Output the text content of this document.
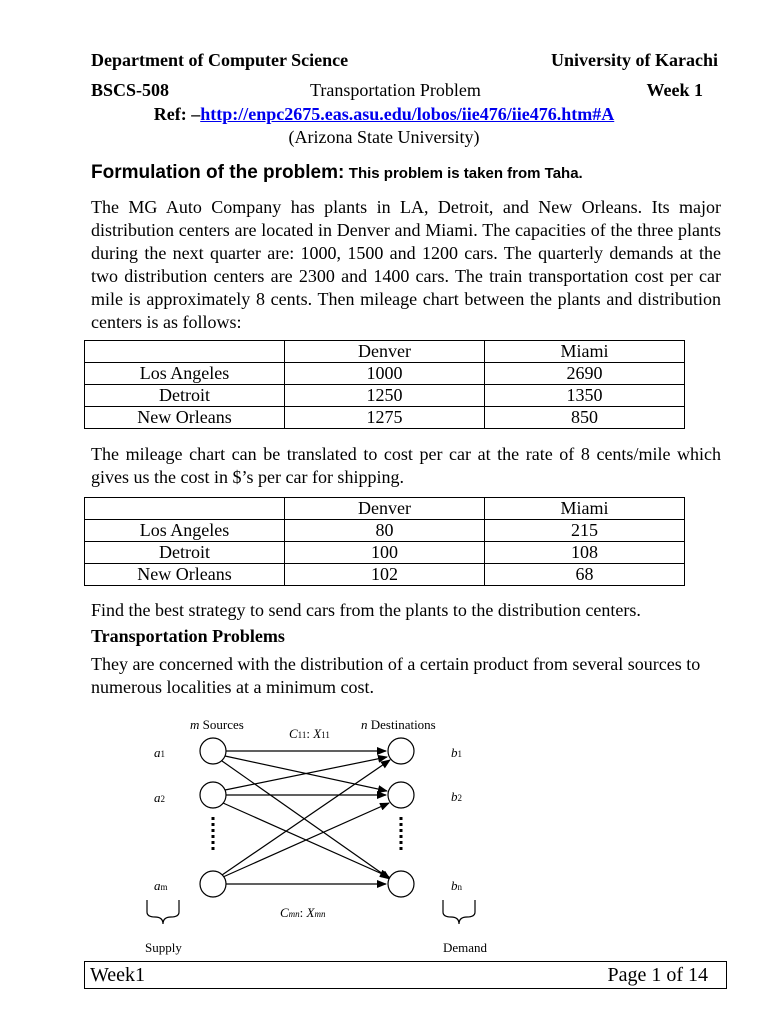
Department of Computer Science	University of Karachi
BSCS-508	Transportation Problem	Week 1
Ref: –http://enpc2675.eas.asu.edu/lobos/iie476/iie476.htm#A
(Arizona State University)
Formulation of the problem: This problem is taken from Taha.
The MG Auto Company has plants in LA, Detroit, and New Orleans. Its major distribution centers are located in Denver and Miami. The capacities of the three plants during the next quarter are: 1000, 1500 and 1200 cars. The quarterly demands at the two distribution centers are 2300 and 1400 cars. The train transportation cost per car mile is approximately 8 cents. Then mileage chart between the plants and distribution centers is as follows:
	Denver	Miami
Los Angeles	1000	2690
Detroit	1250	1350
New Orleans	1275	850
The mileage chart can be translated to cost per car at the rate of 8 cents/mile which gives us the cost in $’s per car for shipping.
	Denver	Miami
Los Angeles	80	215
Detroit	100	108
New Orleans	102	68
Find the best strategy to send cars from the plants to the distribution centers.
Transportation Problems
They are concerned with the distribution of a certain product from several sources to numerous localities at a minimum cost.
m Sources	n Destinations
C11: X11
Cmn: Xmn
a1
a2
am
b1
b2
bn
Supply	Demand
Week1	Page 1 of 14
